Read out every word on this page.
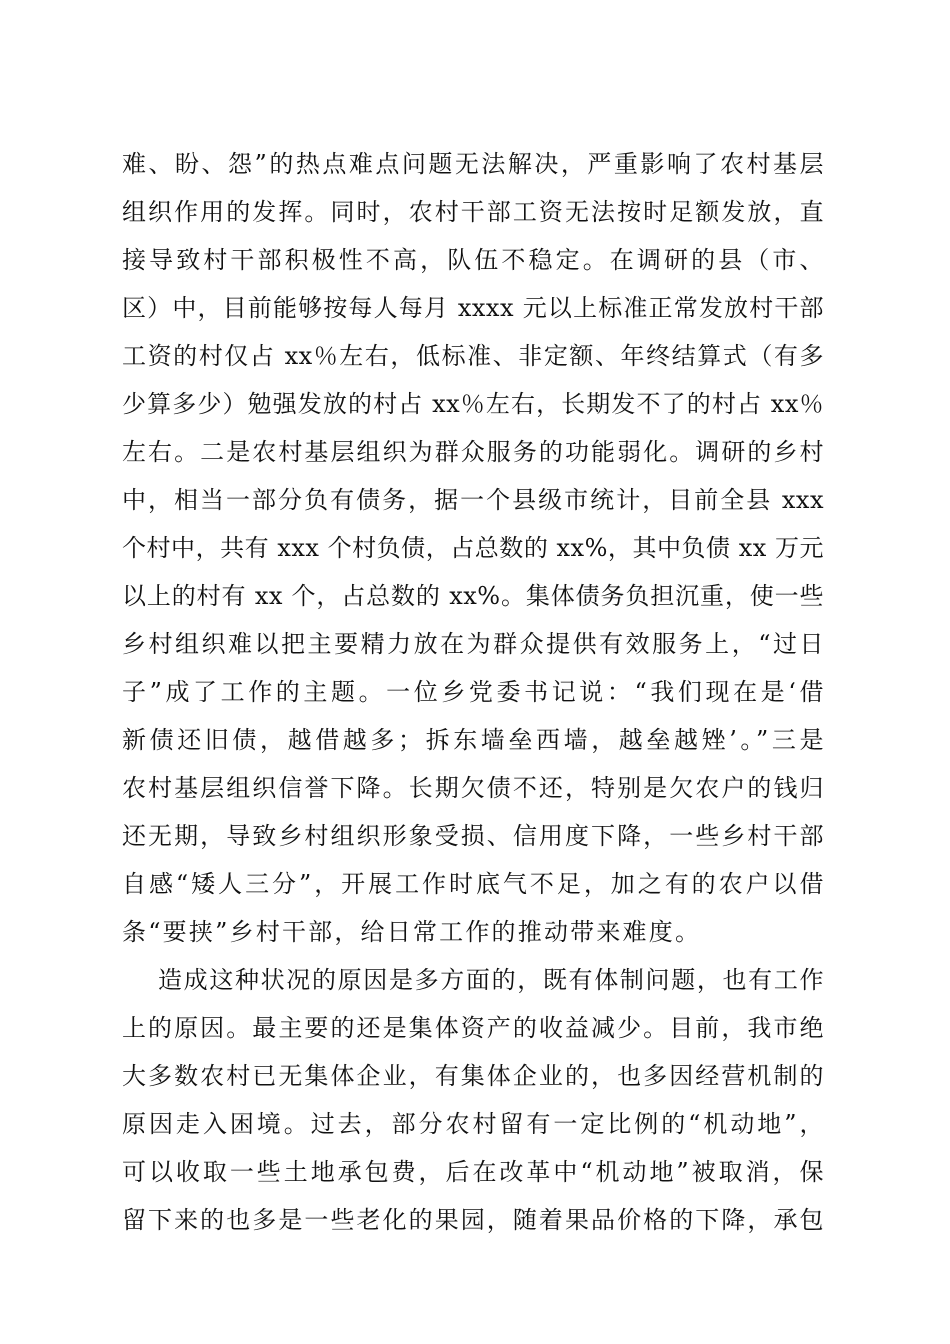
难、盼、怨”的热点难点问题无法解决，严重影响了农村基层
组织作用的发挥。同时，农村干部工资无法按时足额发放，直
接导致村干部积极性不高，队伍不稳定。在调研的县（市、
区）中，目前能够按每人每月 xxxx 元以上标准正常发放村干部
工资的村仅占 xx％左右，低标准、非定额、年终结算式（有多
少算多少）勉强发放的村占 xx％左右，长期发不了的村占 xx％
左右。二是农村基层组织为群众服务的功能弱化。调研的乡村
中，相当一部分负有债务，据一个县级市统计，目前全县 xxx
个村中，共有 xxx 个村负债，占总数的 xx%，其中负债 xx 万元
以上的村有 xx 个，占总数的 xx%。集体债务负担沉重，使一些
乡村组织难以把主要精力放在为群众提供有效服务上，“过日
子”成了工作的主题。一位乡党委书记说：“我们现在是‘借
新债还旧债，越借越多；拆东墙垒西墙，越垒越矬’。”三是
农村基层组织信誉下降。长期欠债不还，特别是欠农户的钱归
还无期，导致乡村组织形象受损、信用度下降，一些乡村干部
自感“矮人三分”，开展工作时底气不足，加之有的农户以借
条“要挟”乡村干部，给日常工作的推动带来难度。
造成这种状况的原因是多方面的，既有体制问题，也有工作
上的原因。最主要的还是集体资产的收益减少。目前，我市绝
大多数农村已无集体企业，有集体企业的，也多因经营机制的
原因走入困境。过去，部分农村留有一定比例的“机动地”，
可以收取一些土地承包费，后在改革中“机动地”被取消，保
留下来的也多是一些老化的果园，随着果品价格的下降，承包
